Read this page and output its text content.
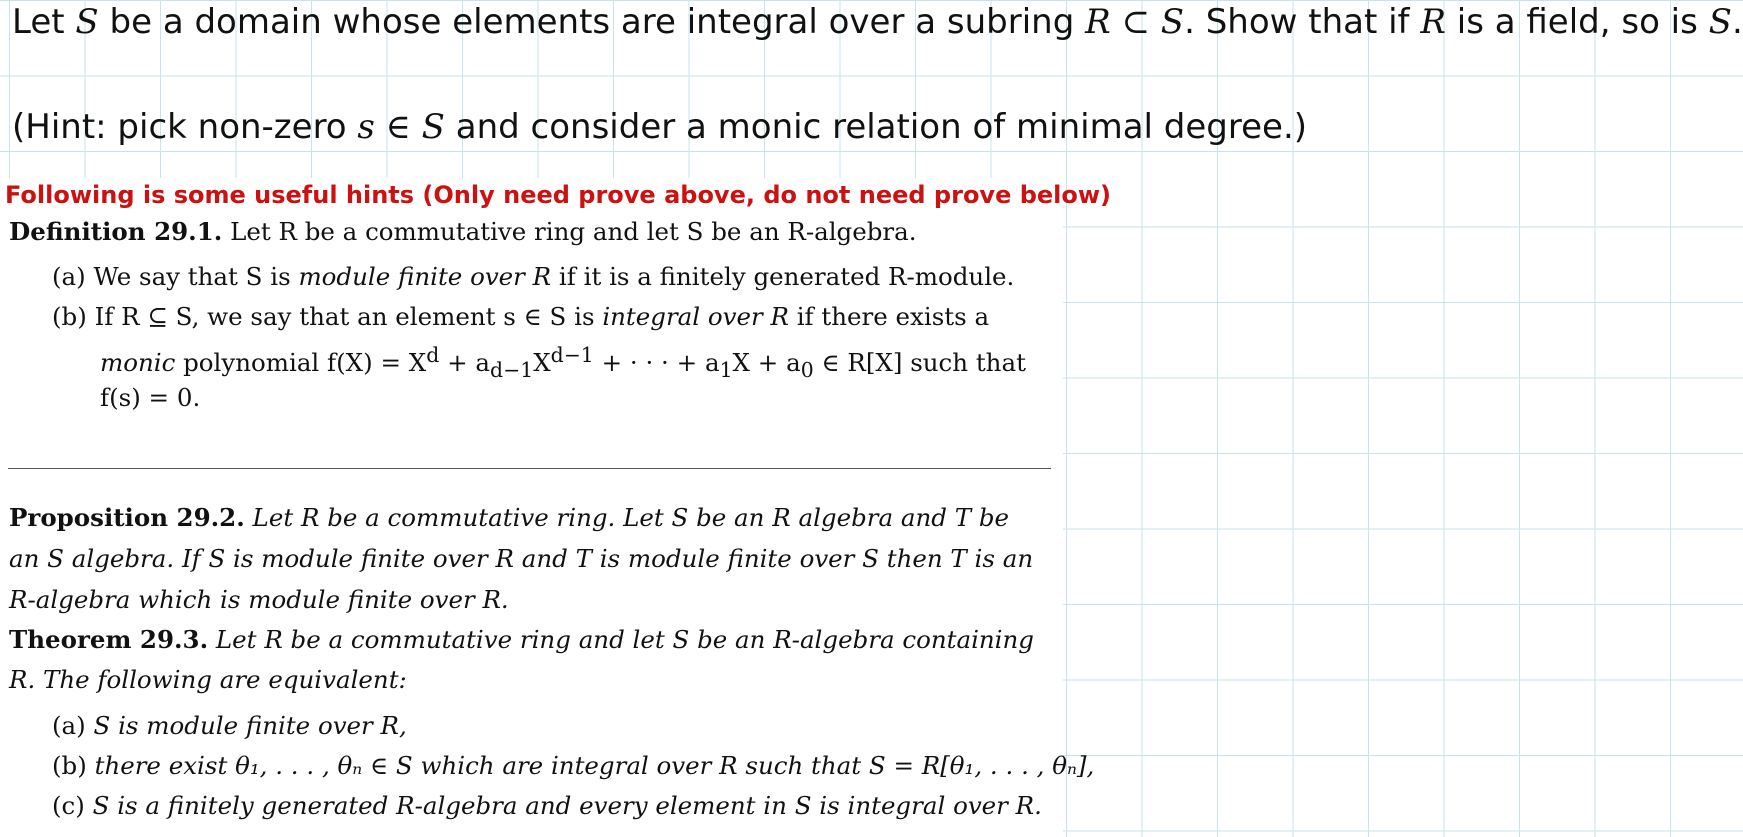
Let S be a domain whose elements are integral over a subring R ⊂ S. Show that if R is a field, so is S.
(Hint: pick non-zero s ∈ S and consider a monic relation of minimal degree.)
Following is some useful hints (Only need prove above, do not need prove below)
Definition 29.1. Let R be a commutative ring and let S be an R-algebra.
(a) We say that S is module finite over R if it is a finitely generated R-module.
(b) If R ⊆ S, we say that an element s ∈ S is integral over R if there exists a
monic polynomial $f(X) = X^d + a_{d-1}X^{d-1}$ + · · · + $a_1X + a_0$ ∈ R[X] such that
f(s) = 0.
Proposition 29.2. Let R be a commutative ring. Let S be an R algebra and T be
an S algebra. If S is module finite over R and T is module finite over S then T is an
R-algebra which is module finite over R.
Theorem 29.3. Let R be a commutative ring and let S be an R-algebra containing
R. The following are equivalent:
(a) S is module finite over R,
(b) there exist θ₁, . . . , θₙ ∈ S which are integral over R such that S = R[θ₁, . . . , θₙ],
(c) S is a finitely generated R-algebra and every element in S is integral over R.
